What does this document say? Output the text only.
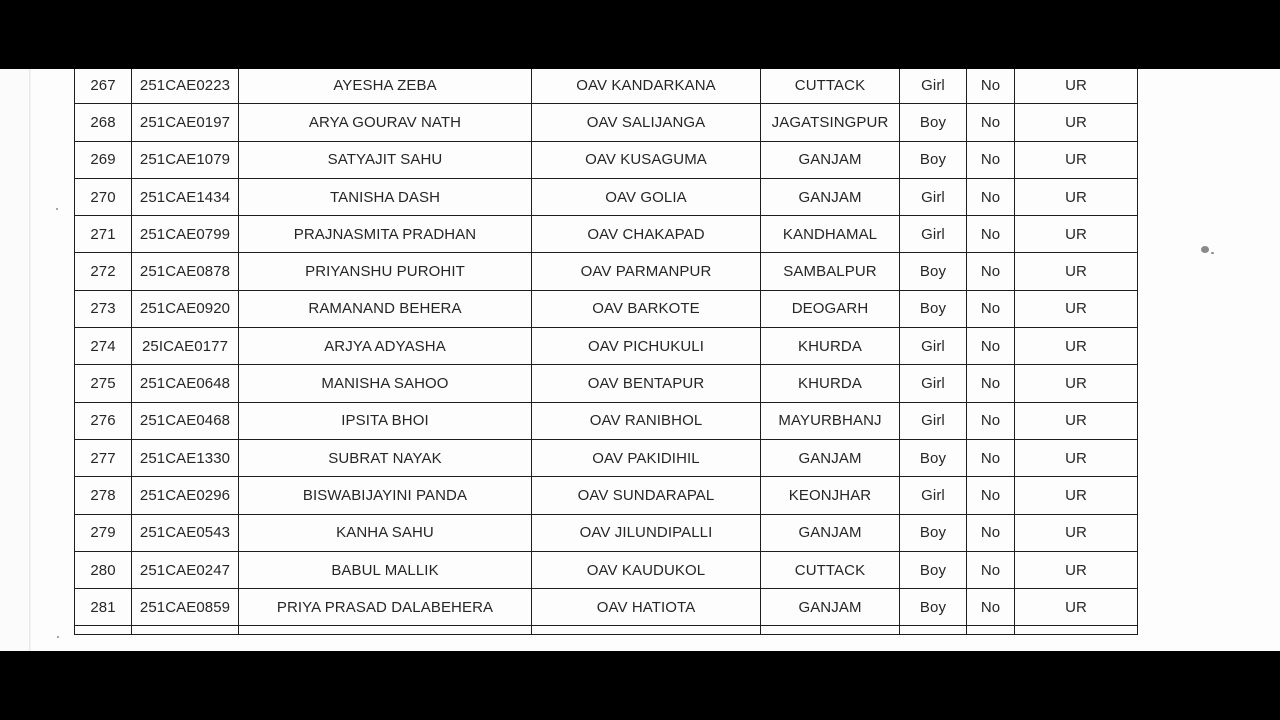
267	251CAE0223	AYESHA ZEBA	OAV KANDARKANA	CUTTACK	Girl	No	UR
268	251CAE0197	ARYA GOURAV NATH	OAV SALIJANGA	JAGATSINGPUR	Boy	No	UR
269	251CAE1079	SATYAJIT SAHU	OAV KUSAGUMA	GANJAM	Boy	No	UR
270	251CAE1434	TANISHA DASH	OAV GOLIA	GANJAM	Girl	No	UR
271	251CAE0799	PRAJNASMITA PRADHAN	OAV CHAKAPAD	KANDHAMAL	Girl	No	UR
272	251CAE0878	PRIYANSHU PUROHIT	OAV PARMANPUR	SAMBALPUR	Boy	No	UR
273	251CAE0920	RAMANAND BEHERA	OAV BARKOTE	DEOGARH	Boy	No	UR
274	25ICAE0177	ARJYA ADYASHA	OAV PICHUKULI	KHURDA	Girl	No	UR
275	251CAE0648	MANISHA SAHOO	OAV BENTAPUR	KHURDA	Girl	No	UR
276	251CAE0468	IPSITA BHOI	OAV RANIBHOL	MAYURBHANJ	Girl	No	UR
277	251CAE1330	SUBRAT NAYAK	OAV PAKIDIHIL	GANJAM	Boy	No	UR
278	251CAE0296	BISWABIJAYINI PANDA	OAV SUNDARAPAL	KEONJHAR	Girl	No	UR
279	251CAE0543	KANHA SAHU	OAV JILUNDIPALLI	GANJAM	Boy	No	UR
280	251CAE0247	BABUL MALLIK	OAV KAUDUKOL	CUTTACK	Boy	No	UR
281	251CAE0859	PRIYA PRASAD DALABEHERA	OAV HATIOTA	GANJAM	Boy	No	UR
